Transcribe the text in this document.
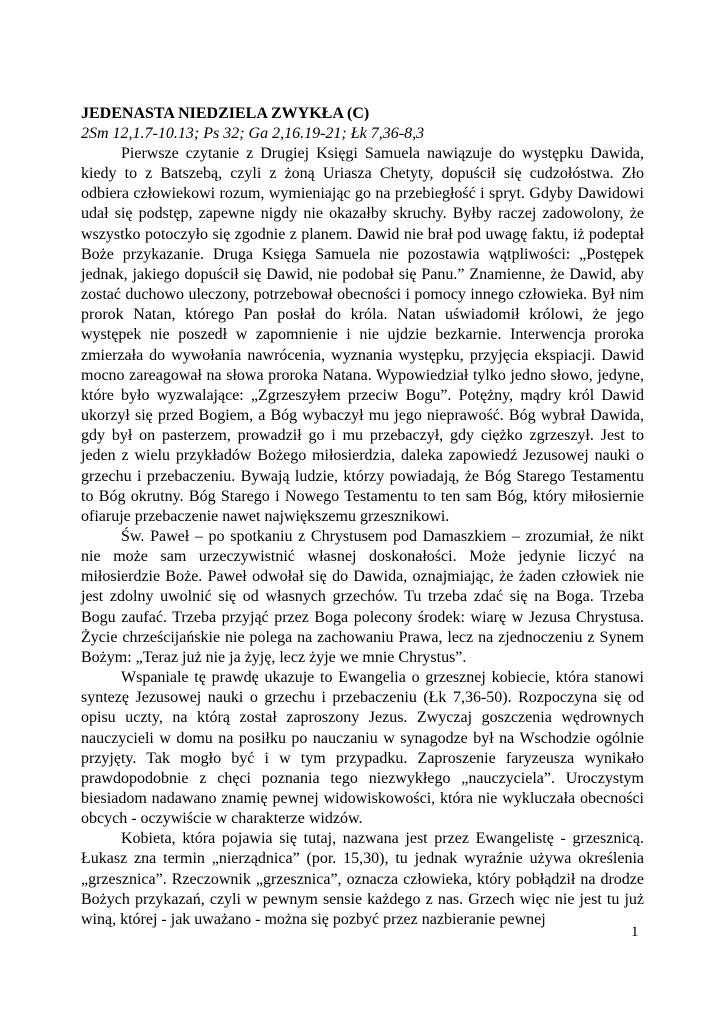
JEDENASTA NIEDZIELA ZWYKŁA (C)

2Sm 12,1.7-10.13; Ps 32; Ga 2,16.19-21; Łk 7,36-8,3

Pierwsze czytanie z Drugiej Księgi Samuela nawiązuje do występku Dawida, kiedy to z Batszebą, czyli z żoną Uriasza Chetyty, dopuścił się cudzołóstwa. Zło odbiera człowiekowi rozum, wymieniając go na przebiegłość i spryt. Gdyby Dawidowi udał się podstęp, zapewne nigdy nie okazałby skruchy. Byłby raczej zadowolony, że wszystko potoczyło się zgodnie z planem. Dawid nie brał pod uwagę faktu, iż podeptał Boże przykazanie. Druga Księga Samuela nie pozostawia wątpliwości: „Postępek jednak, jakiego dopuścił się Dawid, nie podobał się Panu.” Znamienne, że Dawid, aby zostać duchowo uleczony, potrzebował obecności i pomocy innego człowieka. Był nim prorok Natan, którego Pan posłał do króla. Natan uświadomił królowi, że jego występek nie poszedł w zapomnienie i nie ujdzie bezkarnie. Interwencja proroka zmierzała do wywołania nawrócenia, wyznania występku, przyjęcia ekspiacji. Dawid mocno zareagował na słowa proroka Natana. Wypowiedział tylko jedno słowo, jedyne, które było wyzwalające: „Zgrzeszyłem przeciw Bogu”. Potężny, mądry król Dawid ukorzył się przed Bogiem, a Bóg wybaczył mu jego nieprawość. Bóg wybrał Dawida, gdy był on pasterzem, prowadził go i mu przebaczył, gdy ciężko zgrzeszył. Jest to jeden z wielu przykładów Bożego miłosierdzia, daleka zapowiedź Jezusowej nauki o grzechu i przebaczeniu. Bywają ludzie, którzy powiadają, że Bóg Starego Testamentu to Bóg okrutny. Bóg Starego i Nowego Testamentu to ten sam Bóg, który miłosiernie ofiaruje przebaczenie nawet największemu grzesznikowi.

Św. Paweł – po spotkaniu z Chrystusem pod Damaszkiem – zrozumiał, że nikt nie może sam urzeczywistnić własnej doskonałości. Może jedynie liczyć na miłosierdzie Boże. Paweł odwołał się do Dawida, oznajmiając, że żaden człowiek nie jest zdolny uwolnić się od własnych grzechów. Tu trzeba zdać się na Boga. Trzeba Bogu zaufać. Trzeba przyjąć przez Boga polecony środek: wiarę w Jezusa Chrystusa. Życie chrześcijańskie nie polega na zachowaniu Prawa, lecz na zjednoczeniu z Synem Bożym: „Teraz już nie ja żyję, lecz żyje we mnie Chrystus”.

Wspaniale tę prawdę ukazuje to Ewangelia o grzesznej kobiecie, która stanowi syntezę Jezusowej nauki o grzechu i przebaczeniu (Łk 7,36-50). Rozpoczyna się od opisu uczty, na którą został zaproszony Jezus. Zwyczaj goszczenia wędrownych nauczycieli w domu na posiłku po nauczaniu w synagodze był na Wschodzie ogólnie przyjęty. Tak mogło być i w tym przypadku. Zaproszenie faryzeusza wynikało prawdopodobnie z chęci poznania tego niezwykłego „nauczyciela”. Uroczystym biesiadom nadawano znamię pewnej widowiskowości, która nie wykluczała obecności obcych - oczywiście w charakterze widzów.

Kobieta, która pojawia się tutaj, nazwana jest przez Ewangelistę - grzesznicą. Łukasz zna termin „nierządnica” (por. 15,30), tu jednak wyraźnie używa określenia „grzesznica”. Rzeczownik „grzesznica”, oznacza człowieka, który pobłądził na drodze Bożych przykazań, czyli w pewnym sensie każdego z nas. Grzech więc nie jest tu już winą, której - jak uważano - można się pozbyć przez nazbieranie pewnej

1
